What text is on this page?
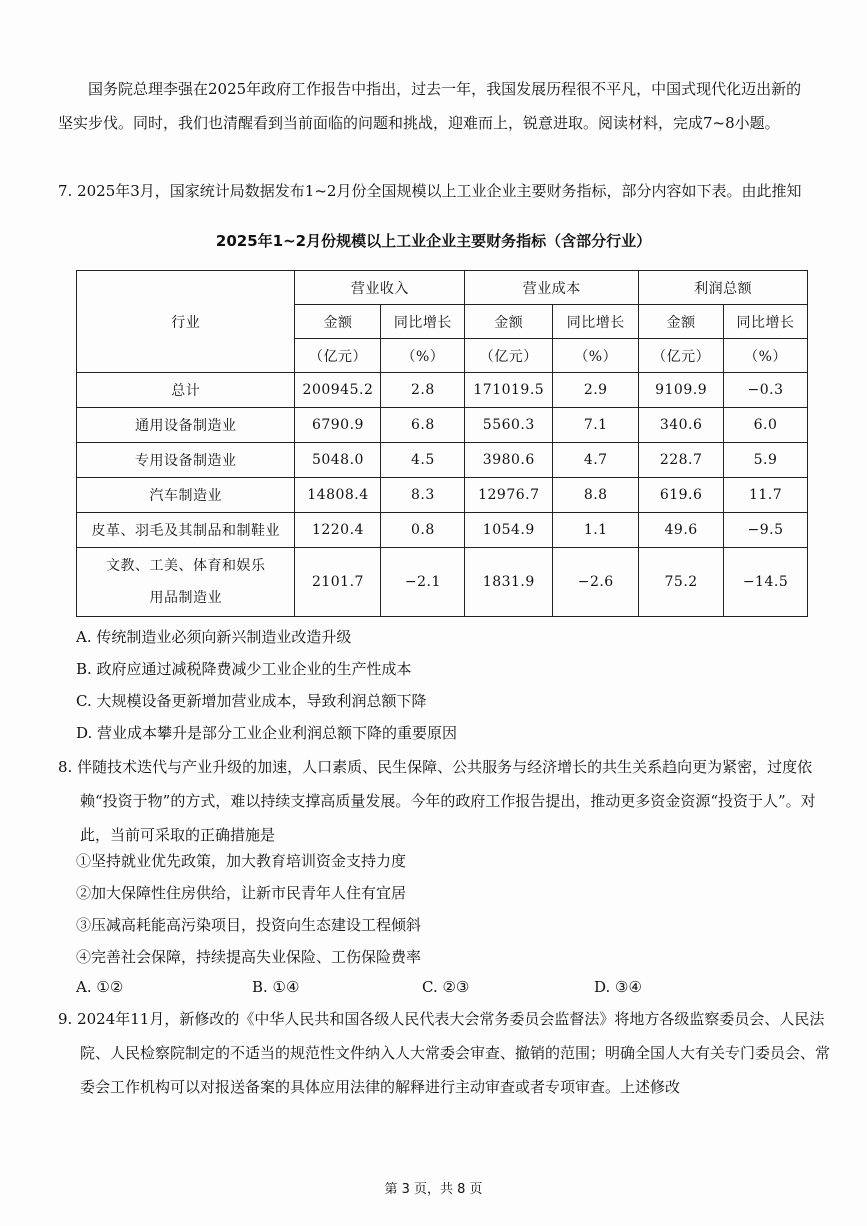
国务院总理李强在2025年政府工作报告中指出，过去一年，我国发展历程很不平凡，中国式现代化迈出新的坚实步伐。同时，我们也清醒看到当前面临的问题和挑战，迎难而上，锐意进取。阅读材料，完成7~8小题。

7. 2025年3月，国家统计局数据发布1~2月份全国规模以上工业企业主要财务指标，部分内容如下表。由此推知

2025年1~2月份规模以上工业企业主要财务指标（含部分行业）
行业	营业收入		营业成本		利润总额	
	金额	同比增长	金额	同比增长	金额	同比增长
	（亿元）	（%）	（亿元）	（%）	（亿元）	（%）
总计	200945.2	2.8	171019.5	2.9	9109.9	−0.3
通用设备制造业	6790.9	6.8	5560.3	7.1	340.6	6.0
专用设备制造业	5048.0	4.5	3980.6	4.7	228.7	5.9
汽车制造业	14808.4	8.3	12976.7	8.8	619.6	11.7
皮革、羽毛及其制品和制鞋业	1220.4	0.8	1054.9	1.1	49.6	−9.5
文教、工美、体育和娱乐
用品制造业	2101.7	−2.1	1831.9	−2.6	75.2	−14.5
A. 传统制造业必须向新兴制造业改造升级
B. 政府应通过减税降费减少工业企业的生产性成本
C. 大规模设备更新增加营业成本，导致利润总额下降
D. 营业成本攀升是部分工业企业利润总额下降的重要原因

8. 伴随技术迭代与产业升级的加速，人口素质、民生保障、公共服务与经济增长的共生关系趋向更为紧密，过度依赖“投资于物”的方式，难以持续支撑高质量发展。今年的政府工作报告提出，推动更多资金资源“投资于人”。对此，当前可采取的正确措施是

①坚持就业优先政策，加大教育培训资金支持力度
②加大保障性住房供给，让新市民青年人住有宜居
③压减高耗能高污染项目，投资向生态建设工程倾斜
④完善社会保障，持续提高失业保险、工伤保险费率
A. ①②	B. ①④	C. ②③	D. ③④

9. 2024年11月，新修改的《中华人民共和国各级人民代表大会常务委员会监督法》将地方各级监察委员会、人民法院、人民检察院制定的不适当的规范性文件纳入人大常委会审查、撤销的范围；明确全国人大有关专门委员会、常委会工作机构可以对报送备案的具体应用法律的解释进行主动审查或者专项审查。上述修改

第 3 页，共 8 页
